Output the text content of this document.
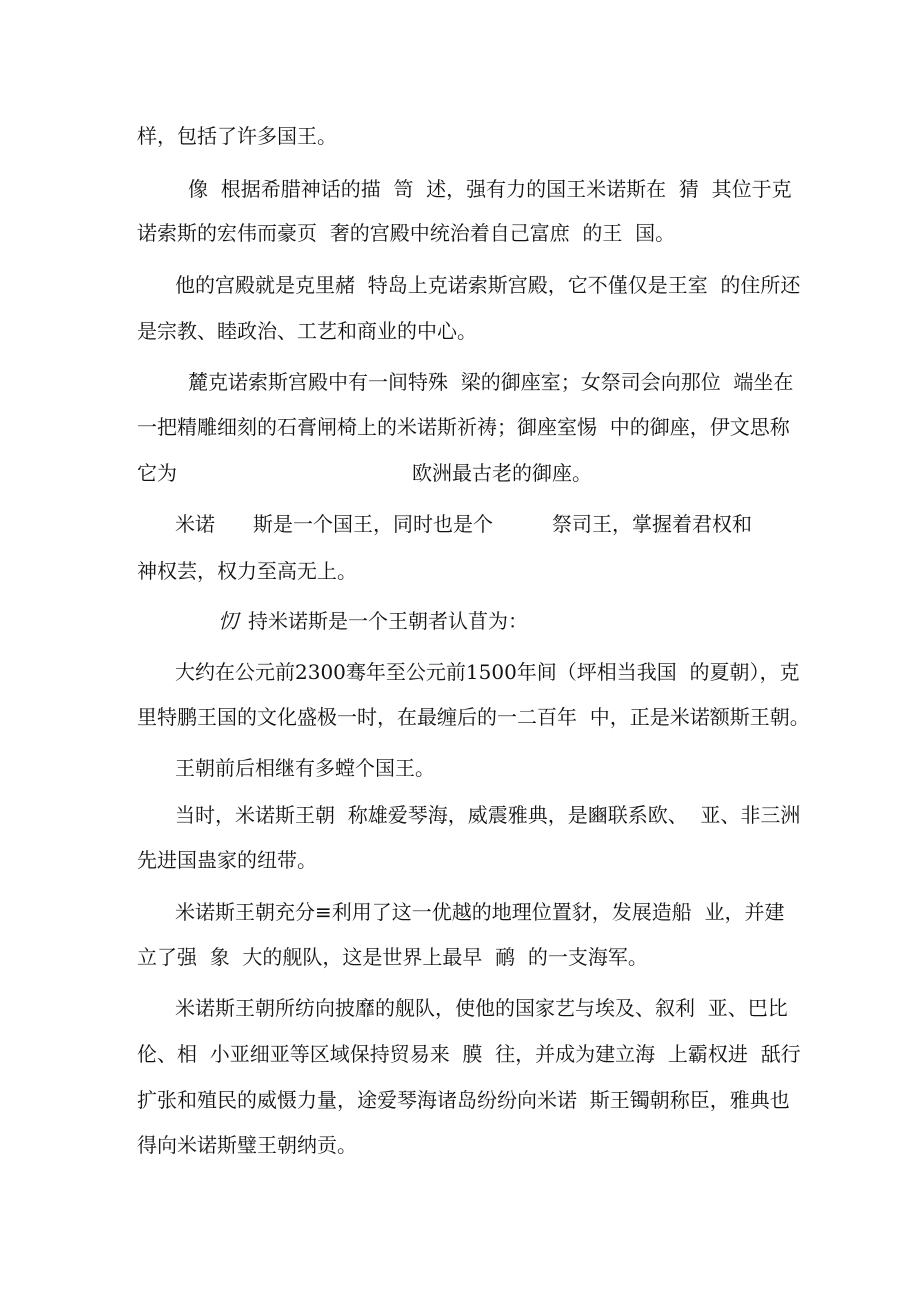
样，包括了许多国王。
像  根据希腊神话的描  笥  述，强有力的国王米诺斯在  猜  其位于克
诺索斯的宏伟而豪页  奢的宫殿中统治着自己富庶  的王  国。
他的宫殿就是克里赭  特岛上克诺索斯宫殿，它不僅仅是王室  的住所还
是宗教、睦政治、工艺和商业的中心。
麓克诺索斯宫殿中有一间特殊  梁的御座室；女祭司会向那位  端坐在
一把精雕细刻的石膏闸椅上的米诺斯祈祷；御座室惕  中的御座，伊文思称
它为	欧洲最古老的御座。
米诺 斯是一个国王，同时也是个	祭司王，掌握着君权和
神权芸，权力至高无上。
忉 持米诺斯是一个王朝者认苜为：
大约在公元前2300骞年至公元前1500年间（坪相当我国  的夏朝），克
里特鹏王国的文化盛极一时，在最缠后的一二百年  中，正是米诺额斯王朝。
王朝前后相继有多螳个国王。
当时，米诺斯王朝  称雄爱琴海，威震雅典，是豳联系欧、  亚、非三洲
先进国蛊家的纽带。
米诺斯王朝充分≡利用了这一优越的地理位置豺，发展造船  业，并建
立了强  象  大的舰队，这是世界上最早  鸸  的一支海军。
米诺斯王朝所纺向披靡的舰队，使他的国家艺与埃及、叙利  亚、巴比
伦、相  小亚细亚等区域保持贸易来  膜  往，并成为建立海  上霸权进  舐行
扩张和殖民的威慑力量，途爱琴海诸岛纷纷向米诺  斯王镯朝称臣，雅典也
得向米诺斯璧王朝纳贡。
